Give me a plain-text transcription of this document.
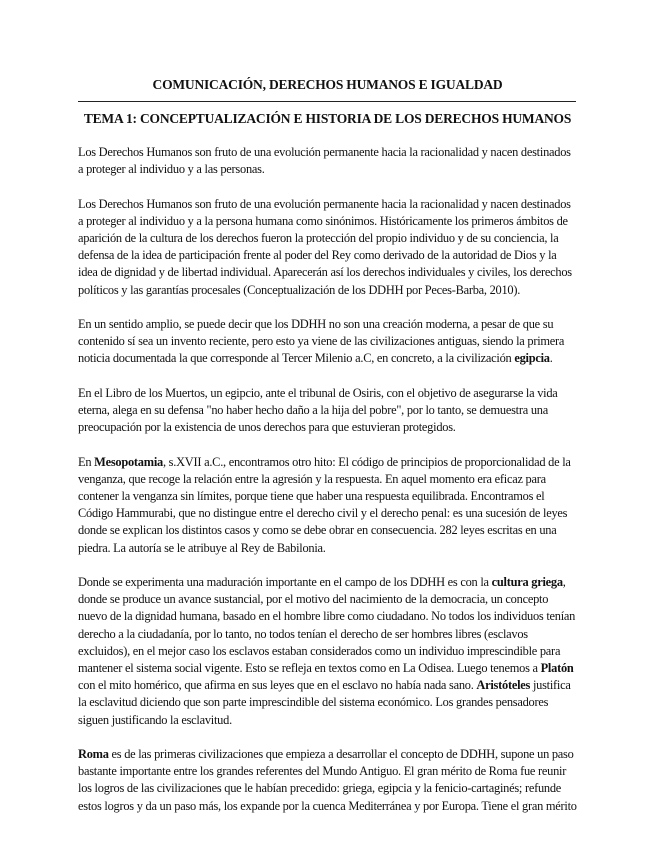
COMUNICACIÓN, DERECHOS HUMANOS E IGUALDAD
TEMA 1: CONCEPTUALIZACIÓN E HISTORIA DE LOS DERECHOS HUMANOS

Los Derechos Humanos son fruto de una evolución permanente hacia la racionalidad y nacen destinados a proteger al individuo y a las personas.

Los Derechos Humanos son fruto de una evolución permanente hacia la racionalidad y nacen destinados a proteger al individuo y a la persona humana como sinónimos. Históricamente los primeros ámbitos de aparición de la cultura de los derechos fueron la protección del propio individuo y de su conciencia, la defensa de la idea de participación frente al poder del Rey como derivado de la autoridad de Dios y la idea de dignidad y de libertad individual. Aparecerán así los derechos individuales y civiles, los derechos políticos y las garantías procesales (Conceptualización de los DDHH por Peces-Barba, 2010).

En un sentido amplio, se puede decir que los DDHH no son una creación moderna, a pesar de que su contenido sí sea un invento reciente, pero esto ya viene de las civilizaciones antiguas, siendo la primera noticia documentada la que corresponde al Tercer Milenio a.C, en concreto, a la civilización egipcia.

En el Libro de los Muertos, un egipcio, ante el tribunal de Osiris, con el objetivo de asegurarse la vida eterna, alega en su defensa "no haber hecho daño a la hija del pobre", por lo tanto, se demuestra una preocupación por la existencia de unos derechos para que estuvieran protegidos.

En Mesopotamia, s.XVII a.C., encontramos otro hito: El código de principios de proporcionalidad de la venganza, que recoge la relación entre la agresión y la respuesta. En aquel momento era eficaz para contener la venganza sin límites, porque tiene que haber una respuesta equilibrada. Encontramos el Código Hammurabi, que no distingue entre el derecho civil y el derecho penal: es una sucesión de leyes donde se explican los distintos casos y como se debe obrar en consecuencia. 282 leyes escritas en una piedra. La autoría se le atribuye al Rey de Babilonia.

Donde se experimenta una maduración importante en el campo de los DDHH es con la cultura griega, donde se produce un avance sustancial, por el motivo del nacimiento de la democracia, un concepto nuevo de la dignidad humana, basado en el hombre libre como ciudadano. No todos los individuos tenían derecho a la ciudadanía, por lo tanto, no todos tenían el derecho de ser hombres libres (esclavos excluidos), en el mejor caso los esclavos estaban considerados como un individuo imprescindible para mantener el sistema social vigente. Esto se refleja en textos como en La Odisea. Luego tenemos a Platón con el mito homérico, que afirma en sus leyes que en el esclavo no había nada sano. Aristóteles justifica la esclavitud diciendo que son parte imprescindible del sistema económico. Los grandes pensadores siguen justificando la esclavitud.

Roma es de las primeras civilizaciones que empieza a desarrollar el concepto de DDHH, supone un paso bastante importante entre los grandes referentes del Mundo Antiguo. El gran mérito de Roma fue reunir los logros de las civilizaciones que le habían precedido: griega, egipcia y la fenicio-cartaginés; refunde estos logros y da un paso más, los expande por la cuenca Mediterránea y por Europa. Tiene el gran mérito
